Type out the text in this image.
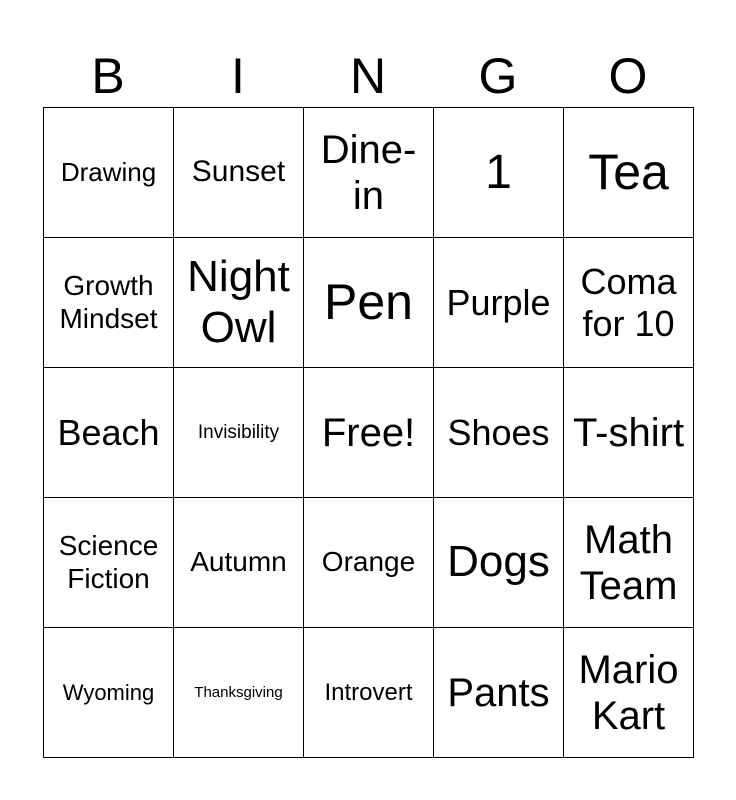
B	I	N	G	O
Drawing	Sunset	Dine-in	1	Tea
Growth Mindset	Night Owl	Pen	Purple	Coma for 10
Beach	Invisibility	Free!	Shoes	T-shirt
Science Fiction	Autumn	Orange	Dogs	Math Team
Wyoming	Thanksgiving	Introvert	Pants	Mario Kart
